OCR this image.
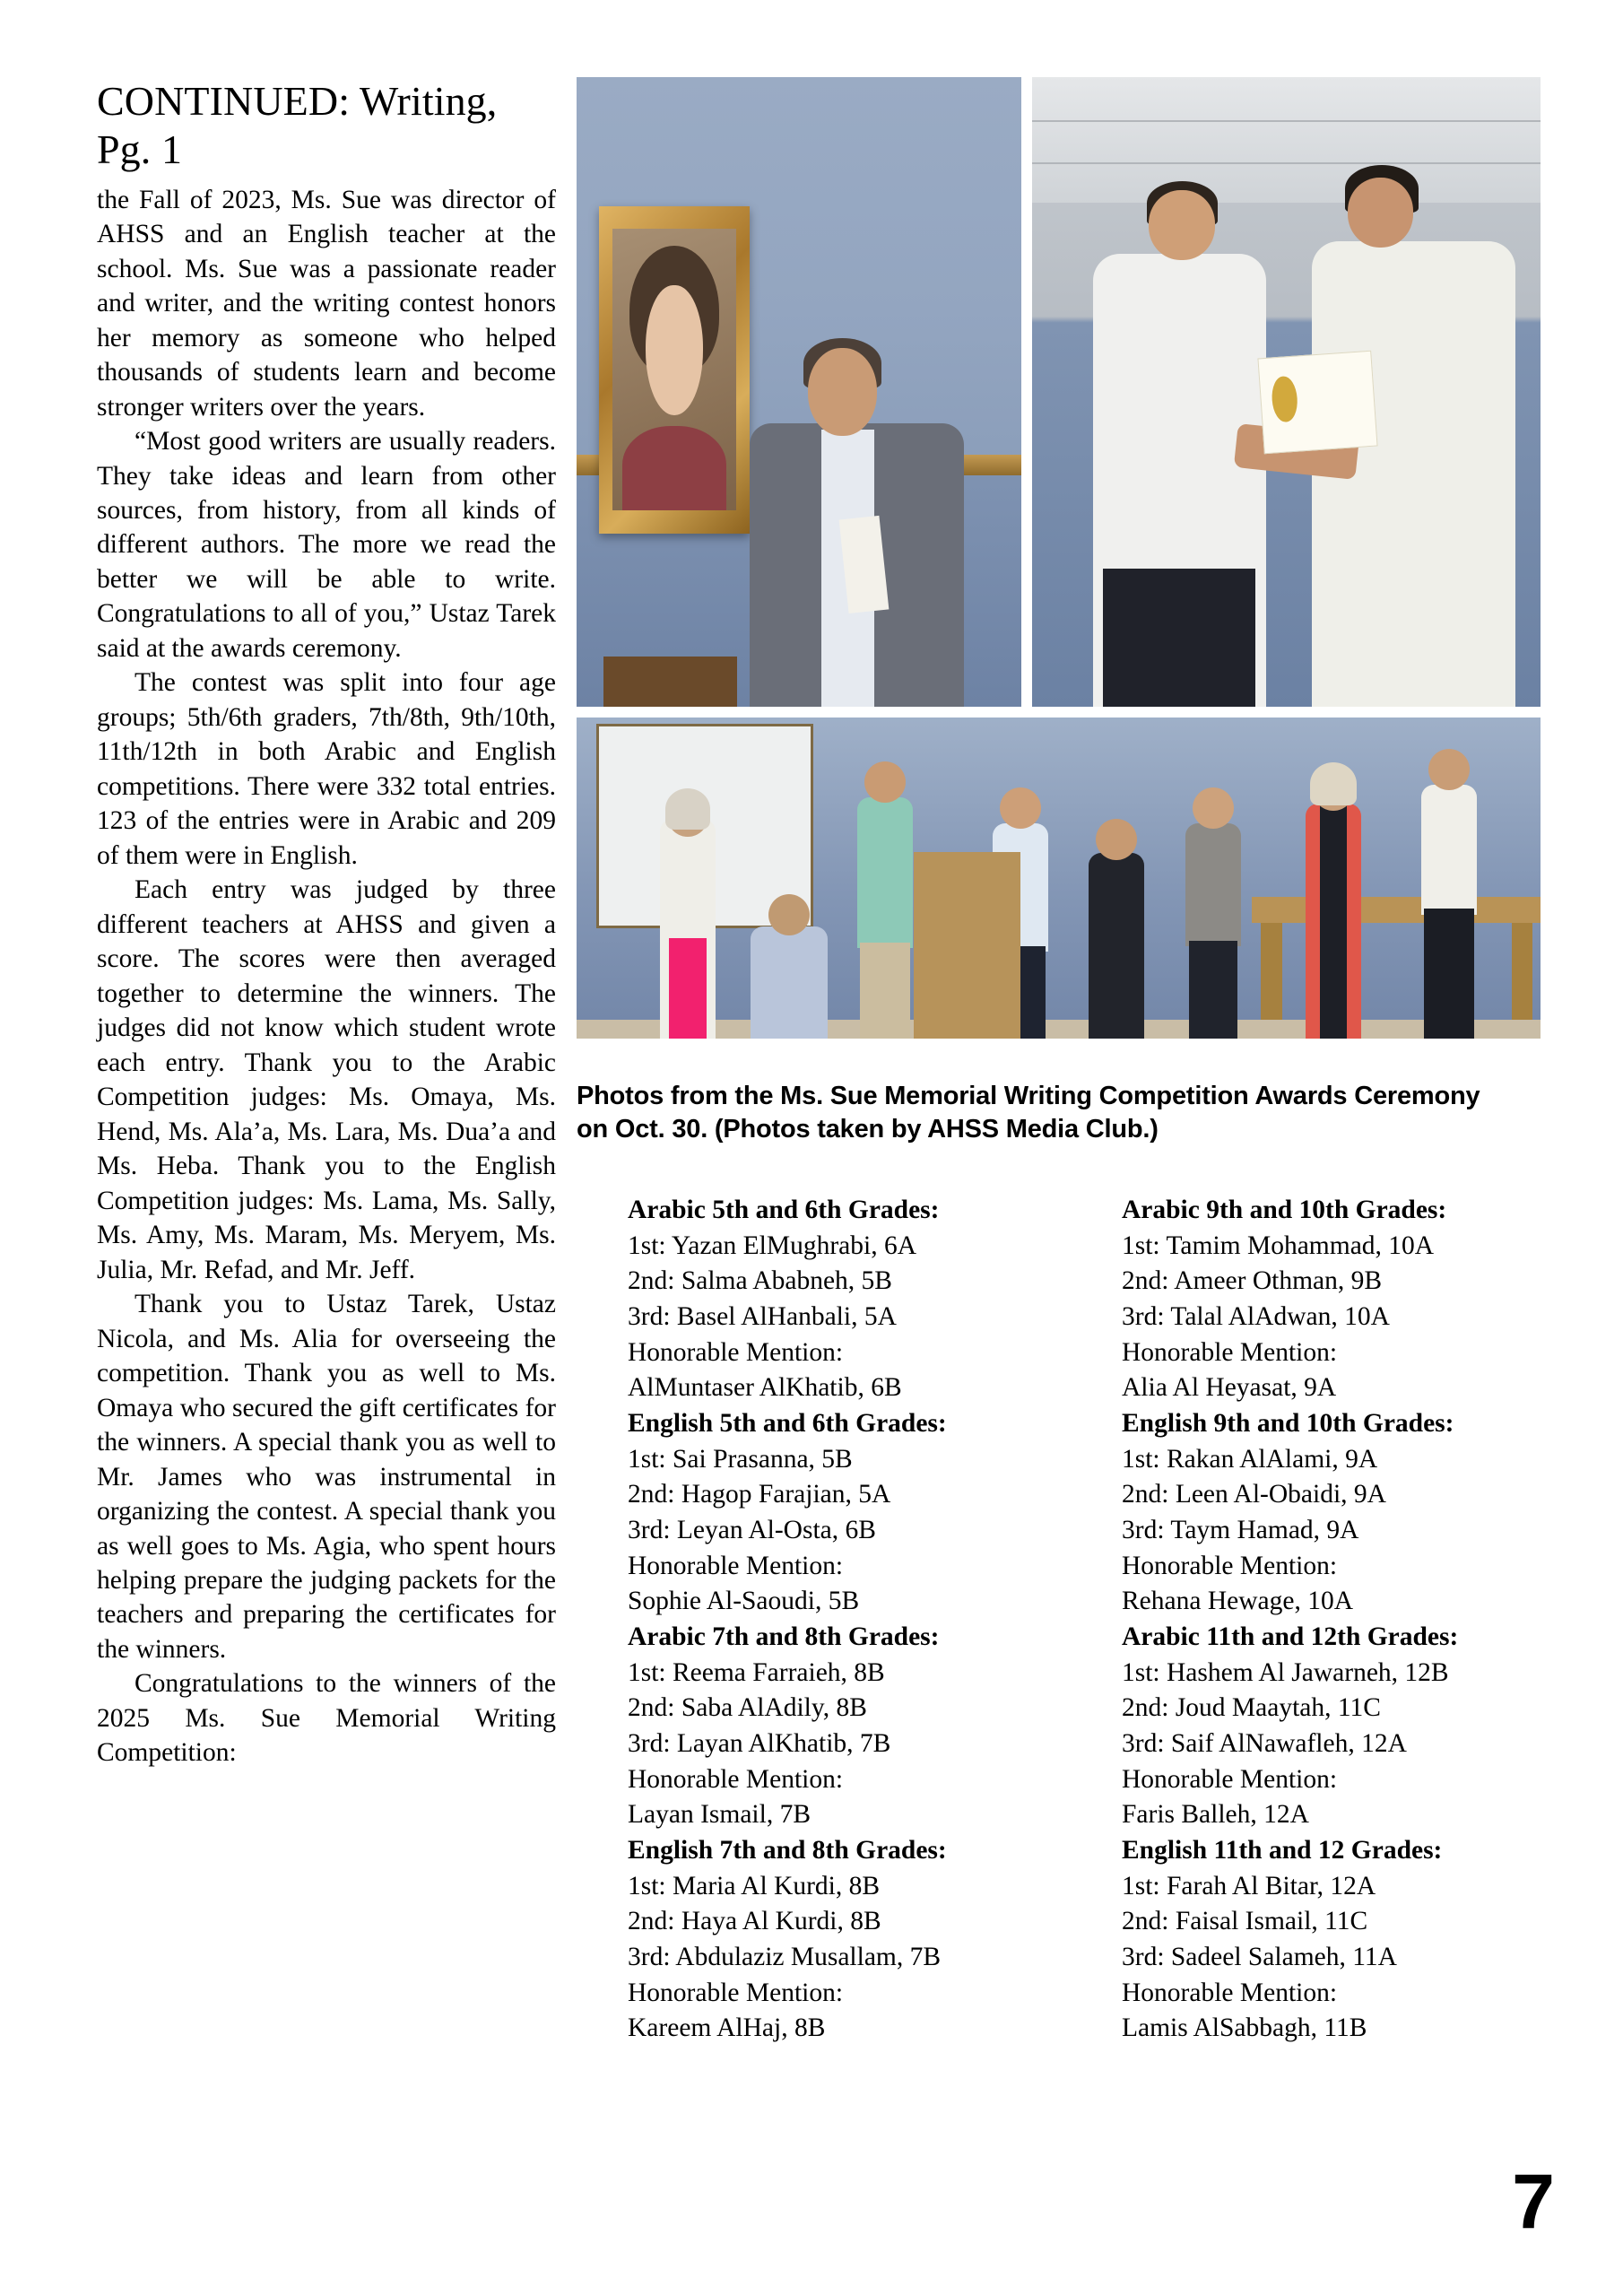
CONTINUED: Writing, Pg. 1

the Fall of 2023, Ms. Sue was director of AHSS and an English teacher at the school. Ms. Sue was a passionate reader and writer, and the writing contest honors her memory as someone who helped thousands of students learn and become stronger writers over the years.

“Most good writers are usually readers. They take ideas and learn from other sources, from history, from all kinds of different authors. The more we read the better we will be able to write. Congratulations to all of you,” Ustaz Tarek said at the awards ceremony.

The contest was split into four age groups; 5th/6th graders, 7th/8th, 9th/10th, 11th/12th in both Arabic and English competitions. There were 332 total entries. 123 of the entries were in Arabic and 209 of them were in English.

Each entry was judged by three different teachers at AHSS and given a score. The scores were then averaged together to determine the winners. The judges did not know which student wrote each entry. Thank you to the Arabic Competition judges: Ms. Omaya, Ms. Hend, Ms. Ala’a, Ms. Lara, Ms. Dua’a and Ms. Heba. Thank you to the English Competition judges: Ms. Lama, Ms. Sally, Ms. Amy, Ms. Maram, Ms. Meryem, Ms. Julia, Mr. Refad, and Mr. Jeff.

Thank you to Ustaz Tarek, Ustaz Nicola, and Ms. Alia for overseeing the competition. Thank you as well to Ms. Omaya who secured the gift certificates for the winners. A special thank you as well to Mr. James who was instrumental in organizing the contest. A special thank you as well goes to Ms. Agia, who spent hours helping prepare the judging packets for the teachers and preparing the certificates for the winners.

Congratulations to the winners of the 2025 Ms. Sue Memorial Writing Competition:

Photos from the Ms. Sue Memorial Writing Competition Awards Ceremony on Oct. 30. (Photos taken by AHSS Media Club.)
Arabic 5th and 6th Grades:

1st: Yazan ElMughrabi, 6A

2nd: Salma Ababneh, 5B

3rd: Basel AlHanbali, 5A

Honorable Mention:

AlMuntaser AlKhatib, 6B

English 5th and 6th Grades:

1st: Sai Prasanna, 5B

2nd: Hagop Farajian, 5A

3rd: Leyan Al-Osta, 6B

Honorable Mention:

Sophie Al-Saoudi, 5B

Arabic 7th and 8th Grades:

1st: Reema Farraieh, 8B

2nd: Saba AlAdily, 8B

3rd: Layan AlKhatib, 7B

Honorable Mention:

Layan Ismail, 7B

English 7th and 8th Grades:

1st: Maria Al Kurdi, 8B

2nd: Haya Al Kurdi, 8B

3rd: Abdulaziz Musallam, 7B

Honorable Mention:

Kareem AlHaj, 8B

Arabic 9th and 10th Grades:

1st: Tamim Mohammad, 10A

2nd: Ameer Othman, 9B

3rd: Talal AlAdwan, 10A

Honorable Mention:

Alia Al Heyasat, 9A

English 9th and 10th Grades:

1st: Rakan AlAlami, 9A

2nd: Leen Al-Obaidi, 9A

3rd: Taym Hamad, 9A

Honorable Mention:

Rehana Hewage, 10A

Arabic 11th and 12th Grades:

1st: Hashem Al Jawarneh, 12B

2nd: Joud Maaytah, 11C

3rd: Saif AlNawafleh, 12A

Honorable Mention:

Faris Balleh, 12A

English 11th and 12 Grades:

1st: Farah Al Bitar, 12A

2nd: Faisal Ismail, 11C

3rd: Sadeel Salameh, 11A

Honorable Mention:

Lamis AlSabbagh, 11B

7
